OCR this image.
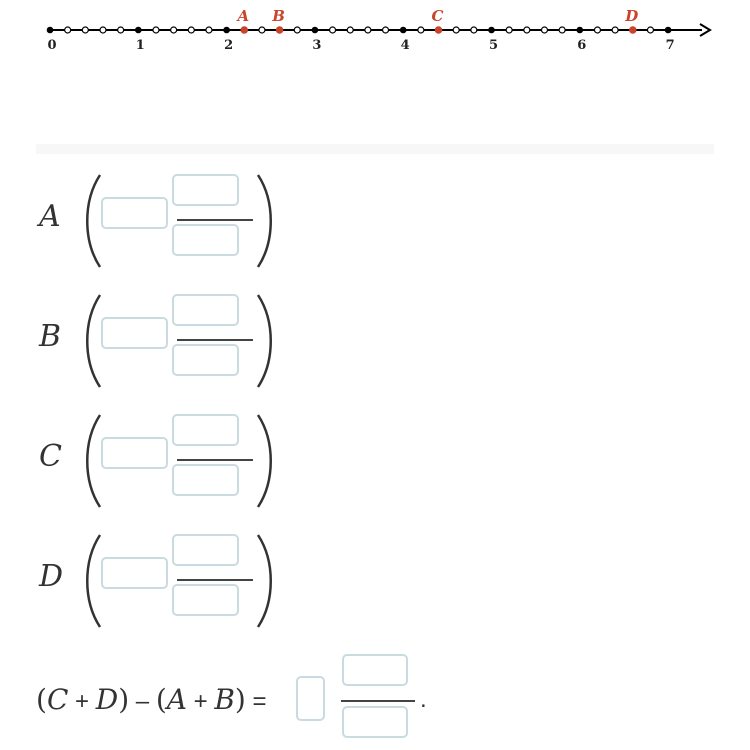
0	1	2	3	4	5	6	7
A B	C	D
A
B
C
D
(C + D) – (A + B) =	.
